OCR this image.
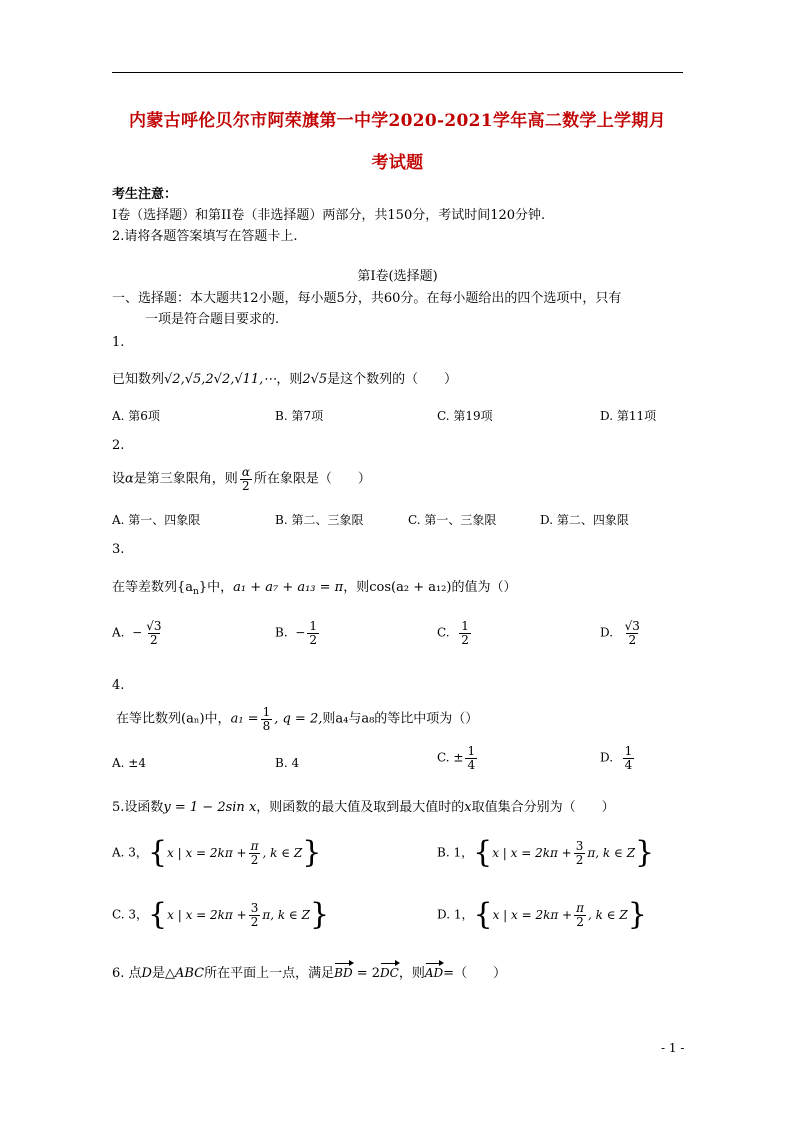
内蒙古呼伦贝尔市阿荣旗第一中学2020-2021学年高二数学上学期月
考试题
考生注意：
I卷（选择题）和第II卷（非选择题）两部分，共150分，考试时间120分钟.
2.请将各题答案填写在答题卡上.
第Ⅰ卷(选择题)
一、选择题：本大题共12小题，每小题5分，共60分。在每小题给出的四个选项中，只有
一项是符合题目要求的.
1.
已知数列√2,√5,2√2,√11,⋯，则2√5是这个数列的（　　）
A. 第6项	B. 第7项	C. 第19项	D. 第11项
2.
设α是第三象限角，则 $\frac{\alpha}{2}$ 所在象限是（　　）
A. 第一、四象限	B. 第二、三象限	C. 第一、三象限	D. 第二、四象限
3.
在等差数列$\{a_n\}$中，a₁ + a₇ + a₁₃ = π，则cos(a₂ + a₁₂)的值为（）
A. − $\frac{√3}{2}$	B. − $\frac{1}{2}$	C. $\frac{1}{2}$	D. $\frac{√3}{2}$
4.
在等比数列(aₙ)中，$a_1 = \frac{1}{8}$ , q = 2,则a₄与a₈的等比中项为（）
A. ±4	B. 4	C. ± $\frac{1}{4}$	D. $\frac{1}{4}$
5.设函数y = 1 − 2sin x，则函数的最大值及取到最大值时的x取值集合分别为（　　）
A. 3， { x | $x = 2k\pi + \frac{\pi}{2}$ , k ∈ Z }	B. 1， { x | $x = 2k\pi + \frac{3}{2} \pi$, k ∈ Z }
C. 3， { x | $x = 2k\pi + \frac{3}{2} \pi$, k ∈ Z }	D. 1， { x | $x = 2k\pi + \frac{\pi}{2}$ , k ∈ Z }
6. 点D是△ABC所在平面上一点，满足BD = 2DC，则AD=（　　）
- 1 -
